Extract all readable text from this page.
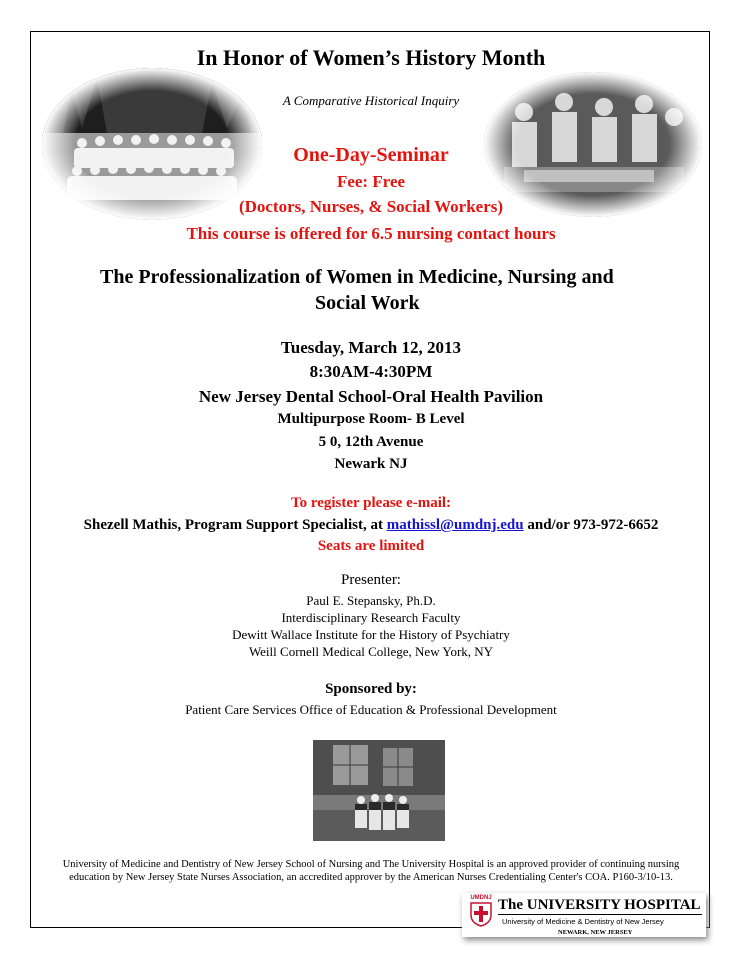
In Honor of Women’s History Month
A Comparative Historical Inquiry
One-Day-Seminar
Fee: Free
(Doctors, Nurses, & Social Workers)
This course is offered for 6.5 nursing contact hours
The Professionalization of Women in Medicine, Nursing and
Social Work
Tuesday, March 12, 2013
8:30AM-4:30PM
New Jersey Dental School-Oral Health Pavilion
Multipurpose Room- B Level
5 0, 12th Avenue
Newark NJ
To register please e-mail:
Shezell Mathis, Program Support Specialist, at mathissl@umdnj.edu and/or 973-972-6652
Seats are limited
Presenter:
Paul E. Stepansky, Ph.D.
Interdisciplinary Research Faculty
Dewitt Wallace Institute for the History of Psychiatry
Weill Cornell Medical College, New York, NY
Sponsored by:
Patient Care Services Office of Education & Professional Development
University of Medicine and Dentistry of New Jersey School of Nursing and The University Hospital is an approved provider of continuing nursing education by New Jersey State Nurses Association, an accredited approver by the American Nurses Credentialing Center's COA. P160-3/10-13.
UMDNJ The UNIVERSITY HOSPITAL
University of Medicine & Dentistry of New Jersey
NEWARK, NEW JERSEY
